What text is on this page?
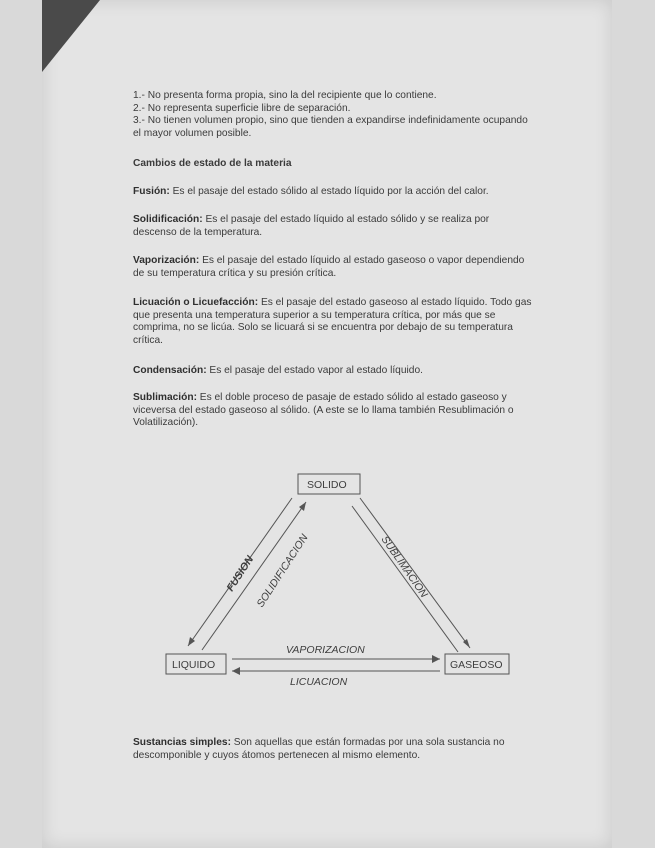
1.- No presenta forma propia, sino la del recipiente que lo contiene.

2.- No representa superficie libre de separación.

3.- No tienen volumen propio, sino que tienden a expandirse indefinidamente ocupando el mayor volumen posible.

Cambios de estado de la materia
Fusión: Es el pasaje del estado sólido al estado líquido por la acción del calor.
Solidificación: Es el pasaje del estado líquido al estado sólido y se realiza por descenso de la temperatura.
Vaporización: Es el pasaje del estado líquido al estado gaseoso o vapor dependiendo de su temperatura crítica y su presión crítica.
Licuación o Licuefacción: Es el pasaje del estado gaseoso al estado líquido. Todo gas que presenta una temperatura superior a su temperatura crítica, por más que se comprima, no se licúa. Solo se licuará si se encuentra por debajo de su temperatura crítica.
Condensación: Es el pasaje del estado vapor al estado líquido.
Sublimación: Es el doble proceso de pasaje de estado sólido al estado gaseoso y viceversa del estado gaseoso al sólido. (A este se lo llama también Resublimación o Volatilización).
SOLIDO
LIQUIDO	GASEOSO
FUSION
SOLIDIFICACION	SUBLIMACION
VAPORIZACION
LICUACION
Sustancias simples: Son aquellas que están formadas por una sola sustancia no descomponible y cuyos átomos pertenecen al mismo elemento.
